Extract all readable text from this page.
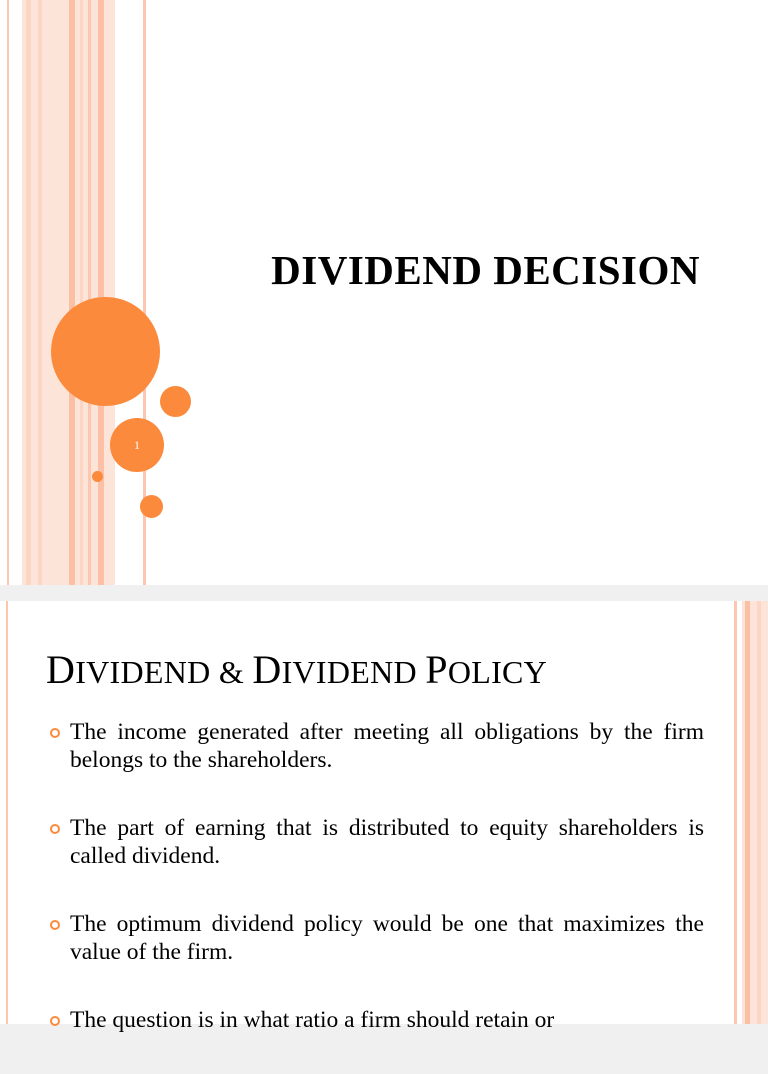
1
DIVIDEND DECISION
DIVIDEND & DIVIDEND POLICY
The income generated after meeting all obligations by the firm belongs to the shareholders.
The part of earning that is distributed to equity shareholders is called dividend.
The optimum dividend policy would be one that maximizes the value of the firm.
The question is in what ratio a firm should retain or
